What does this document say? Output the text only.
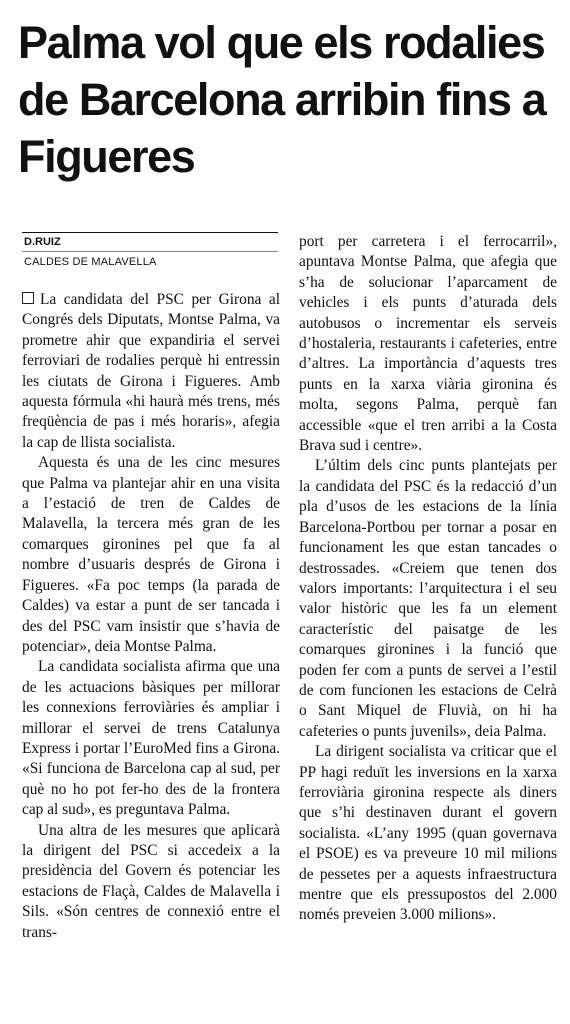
Palma vol que els rodalies de Barcelona arribin fins a Figueres
D.RUIZ
CALDES DE MALAVELLA

La candidata del PSC per Girona al Congrés dels Diputats, Montse Palma, va prometre ahir que expandiria el servei ferroviari de rodalies perquè hi entressin les ciutats de Girona i Figueres. Amb aquesta fórmula «hi haurà més trens, més freqüència de pas i més horaris», afegia la cap de llista socialista.

Aquesta és una de les cinc mesures que Palma va plantejar ahir en una visita a l’estació de tren de Caldes de Malavella, la tercera més gran de les comarques gironines pel que fa al nombre d’usuaris després de Girona i Figueres. «Fa poc temps (la parada de Caldes) va estar a punt de ser tancada i des del PSC vam insistir que s’havia de potenciar», deia Montse Palma.

La candidata socialista afirma que una de les actuacions bàsiques per millorar les connexions ferroviàries és ampliar i millorar el servei de trens Catalunya Express i portar l’EuroMed fins a Girona. «Si funciona de Barcelona cap al sud, per què no ho pot fer-ho des de la frontera cap al sud», es preguntava Palma.

Una altra de les mesures que aplicarà la dirigent del PSC si accedeix a la presidència del Govern és potenciar les estacions de Flaçà, Caldes de Malavella i Sils. «Són centres de connexió entre el trans-

port per carretera i el ferrocarril», apuntava Montse Palma, que afegia que s’ha de solucionar l’aparcament de vehicles i els punts d’aturada dels autobusos o incrementar els serveis d’hostaleria, restaurants i cafeteries, entre d’altres. La importància d’aquests tres punts en la xarxa viària gironina és molta, segons Palma, perquè fan accessible «que el tren arribi a la Costa Brava sud i centre».

L’últim dels cinc punts plantejats per la candidata del PSC és la redacció d’un pla d’usos de les estacions de la línia Barcelona-Portbou per tornar a posar en funcionament les que estan tancades o destrossades. «Creiem que tenen dos valors importants: l’arquitectura i el seu valor històric que les fa un element característic del paisatge de les comarques gironines i la funció que poden fer com a punts de servei a l’estil de com funcionen les estacions de Celrà o Sant Miquel de Fluvià, on hi ha cafeteries o punts juvenils», deia Palma.

La dirigent socialista va criticar que el PP hagi reduït les inversions en la xarxa ferroviària gironina respecte als diners que s’hi destinaven durant el govern socialista. «L’any 1995 (quan governava el PSOE) es va preveure 10 mil milions de pessetes per a aquests infraestructura mentre que els pressupostos del 2.000 només preveien 3.000 milions».
